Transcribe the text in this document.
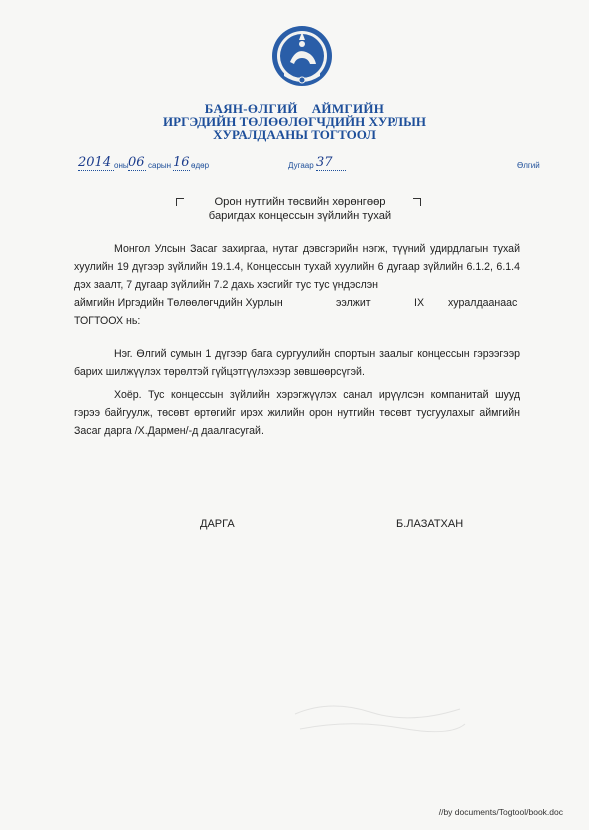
БАЯН-ӨЛГИЙ АЙМГИЙН
ИРГЭДИЙН ТӨЛӨӨЛӨГЧДИЙН ХУРЛЫН
ХУРАЛДААНЫ ТОГТООЛ
2014 оны 06 сарын 16 өдөр	Дугаар 37	Өлгий
Орон нутгийн төсвийн хөрөнгөөр
баригдах концессын зүйлийн тухай

Монгол Улсын Засаг захиргаа, нутаг дэвсгэрийн нэгж, түүний удирдлагын тухай хуулийн 19 дүгээр зүйлийн 19.1.4, Концессын тухай хуулийн 6 дугаар зүйлийн 6.1.2, 6.1.4 дэх заалт, 7 дугаар зүйлийн 7.2 дахь хэсгийг тус тус үндэслэн

аймгийн Иргэдийн Төлөөлөгчдийн Хурлын	ээлжит	IX хуралдаанаас
ТОГТООХ нь:

Нэг. Өлгий сумын 1 дүгээр бага сургуулийн спортын заалыг концессын гэрээгээр барих шилжүүлэх төрөлтэй гүйцэтгүүлэхээр зөвшөөрсүгэй.

Хоёр. Тус концессын зүйлийн хэрэгжүүлэх санал ирүүлсэн компанитай шууд гэрээ байгуулж, төсөвт өртөгийг ирэх жилийн орон нутгийн төсөвт тусгуулахыг аймгийн Засаг дарга /Х.Дармен/-д даалгасугай.

ДАРГА	Б.ЛАЗАТХАН
//by documents/Togtool/book.doc
